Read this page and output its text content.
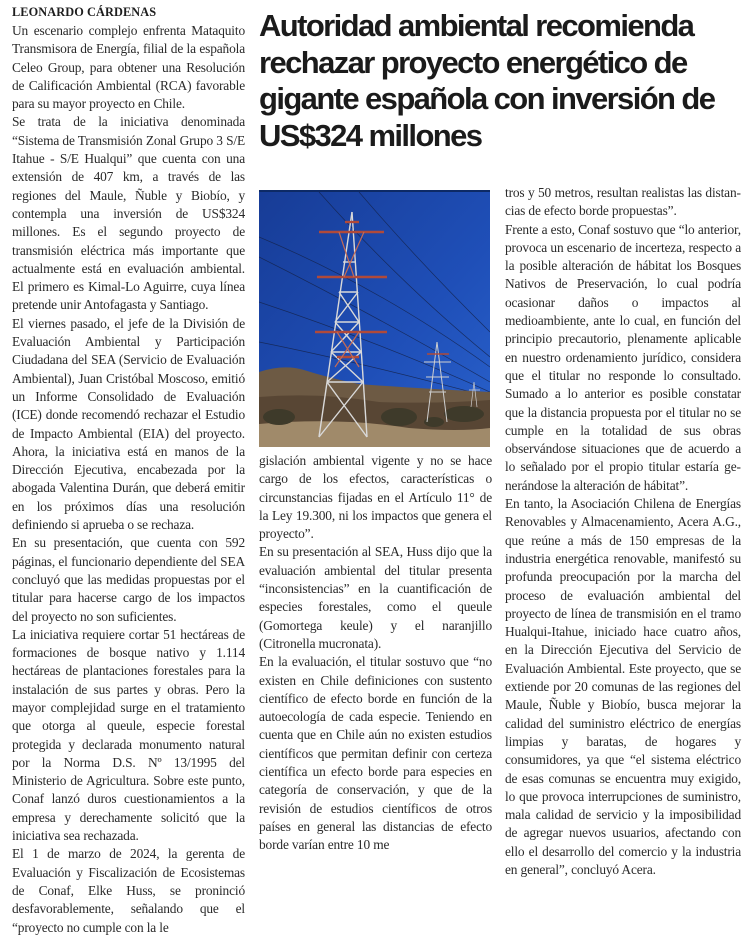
LEONARDO CÁRDENAS

Un escenario complejo enfrenta Mataquito Transmisora de Energía, filial de la española Celeo Group, para obtener una Resolución de Calificación Ambiental (RCA) favorable para su mayor proyecto en Chile.

Se trata de la iniciativa denominada “Sistema de Transmisión Zonal Grupo 3 S/E Itahue - S/E Hualqui” que cuenta con una extensión de 407 km, a través de las regiones del Maule, Ñuble y Biobío, y contempla una inversión de US$324 millones. Es el segundo proyecto de transmisión eléctrica más importante que actualmente está en evaluación ambiental. El primero es Kimal-Lo Aguirre, cuya línea pretende unir Antofagasta y Santiago.

El viernes pasado, el jefe de la División de Evaluación Ambiental y Participación Ciudadana del SEA (Servicio de Evaluación Ambiental), Juan Cristóbal Moscoso, emitió un Informe Consolidado de Evaluación (ICE) donde recomendó rechazar el Estudio de Impacto Ambiental (EIA) del proyecto. Ahora, la iniciativa está en manos de la Dirección Ejecutiva, encabezada por la abogada Valentina Durán, que deberá emitir en los próximos días una resolución definiendo si aprueba o se rechaza.

En su presentación, que cuenta con 592 páginas, el funcionario dependiente del SEA concluyó que las medidas propuestas por el titular para hacerse cargo de los impactos del proyecto no son suficientes.

La iniciativa requiere cortar 51 hectáreas de formaciones de bosque nativo y 1.114 hectáreas de plantaciones forestales para la instalación de sus partes y obras. Pero la mayor complejidad surge en el tratamiento que otorga al queule, especie forestal protegida y declarada monumento natural por la Norma D.S. Nº 13/1995 del Ministerio de Agricultura. Sobre este punto, Conaf lanzó duros cuestionamientos a la empresa y derechamente solicitó que la iniciativa sea rechazada.

El 1 de marzo de 2024, la gerenta de Evaluación y Fiscalización de Ecosistemas de Conaf, Elke Huss, se proninció desfavorablemente, señalando que el “proyecto no cumple con la le

Autoridad ambiental recomienda rechazar proyecto energético de gigante española con inversión de US$324 millones

gislación ambiental vigente y no se hace cargo de los efectos, características o circunstancias fijadas en el Artículo 11° de la Ley 19.300, ni los impactos que genera el proyecto”.

En su presentación al SEA, Huss dijo que la evaluación ambiental del titular presenta “inconsistencias” en la cuantificación de especies forestales, como el queule (Gomortega keule) y el naranjillo (Citronella mucronata).

En la evaluación, el titular sostuvo que “no existen en Chile definiciones con sustento científico de efecto borde en función de la autoecología de cada especie. Teniendo en cuenta que en Chile aún no existen estudios científicos que permitan definir con certeza científica un efecto borde para especies en categoría de conservación, y que de la revisión de estudios científicos de otros países en general las distancias de efecto borde varían entre 10 me

tros y 50 metros, resultan realistas las distancias de efecto borde propuestas”.

Frente a esto, Conaf sostuvo que “lo anterior, provoca un escenario de incerteza, respecto a la posible alteración de hábitat los Bosques Nativos de Preservación, lo cual podría ocasionar daños o impactos al medioambiente, ante lo cual, en función del principio precautorio, plenamente aplicable en nuestro ordenamiento jurídico, considera que el titular no responde lo consultado. Sumado a lo anterior es posible constatar que la distancia propuesta por el titular no se cumple en la totalidad de sus obras observándose situaciones que de acuerdo a lo señalado por el propio titular estaría generándose la alteración de hábitat”.

En tanto, la Asociación Chilena de Energías Renovables y Almacenamiento, Acera A.G., que reúne a más de 150 empresas de la industria energética renovable, manifestó su profunda preocupación por la marcha del proceso de evaluación ambiental del proyecto de línea de transmisión en el tramo Hualqui-Itahue, iniciado hace cuatro años, en la Dirección Ejecutiva del Servicio de Evaluación Ambiental. Este proyecto, que se extiende por 20 comunas de las regiones del Maule, Ñuble y Biobío, busca mejorar la calidad del suministro eléctrico de energías limpias y baratas, de hogares y consumidores, ya que “el sistema eléctrico de esas comunas se encuentra muy exigido, lo que provoca interrupciones de suministro, mala calidad de servicio y la imposibilidad de agregar nuevos usuarios, afectando con ello el desarrollo del comercio y la industria en general”, concluyó Acera.
